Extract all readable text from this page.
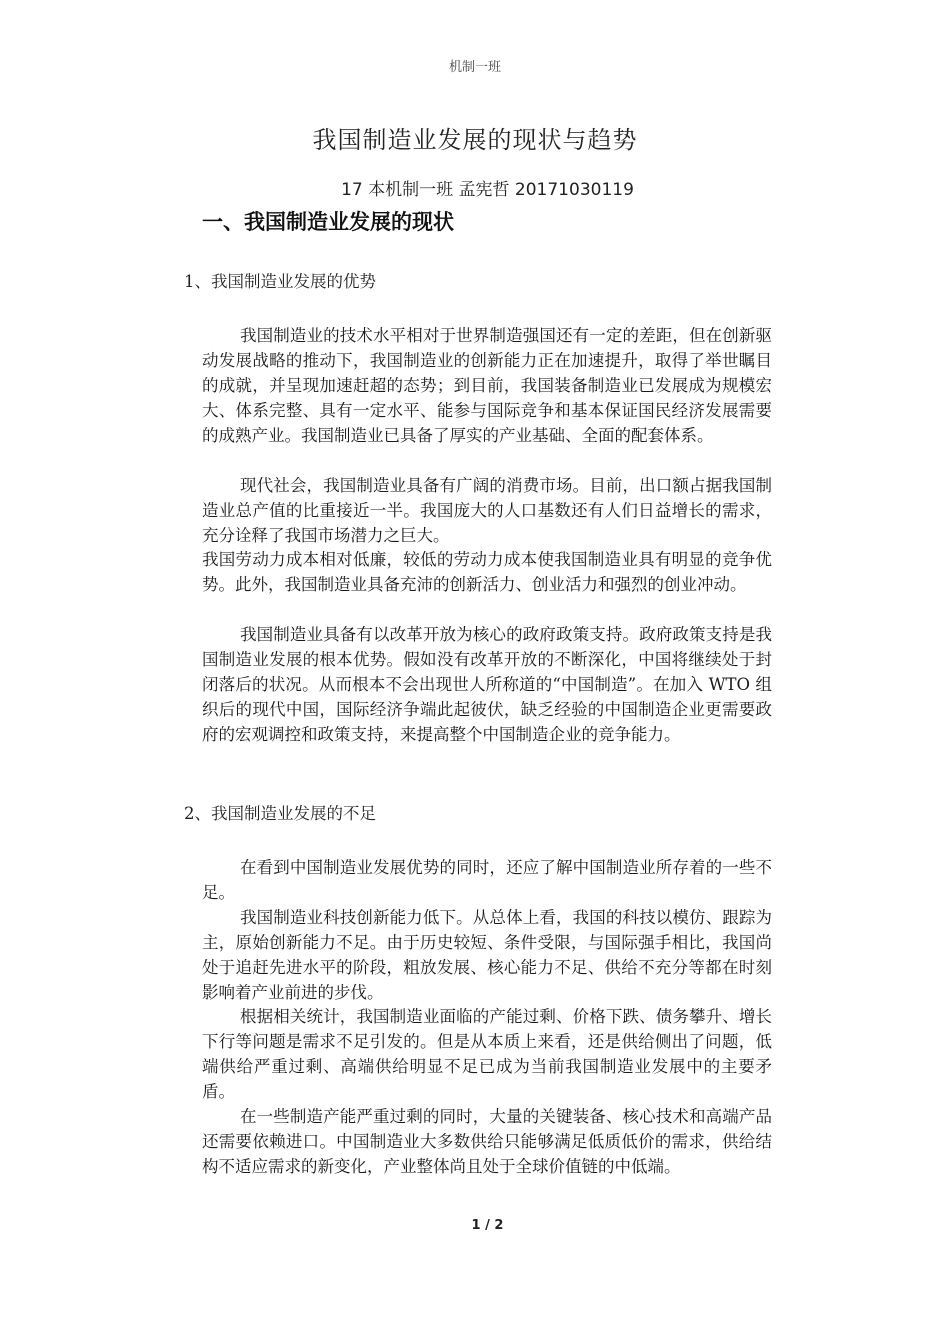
机制一班
我国制造业发展的现状与趋势
17 本机制一班 孟宪哲 20171030119
一、我国制造业发展的现状
1、我国制造业发展的优势

我国制造业的技术水平相对于世界制造强国还有一定的差距，但在创新驱动发展战略的推动下，我国制造业的创新能力正在加速提升，取得了举世瞩目的成就，并呈现加速赶超的态势；到目前，我国装备制造业已发展成为规模宏大、体系完整、具有一定水平、能参与国际竞争和基本保证国民经济发展需要的成熟产业。我国制造业已具备了厚实的产业基础、全面的配套体系。

现代社会，我国制造业具备有广阔的消费市场。目前，出口额占据我国制造业总产值的比重接近一半。我国庞大的人口基数还有人们日益增长的需求，充分诠释了我国市场潜力之巨大。

我国劳动力成本相对低廉，较低的劳动力成本使我国制造业具有明显的竞争优势。此外，我国制造业具备充沛的创新活力、创业活力和强烈的创业冲动。

我国制造业具备有以改革开放为核心的政府政策支持。政府政策支持是我国制造业发展的根本优势。假如没有改革开放的不断深化，中国将继续处于封闭落后的状况。从而根本不会出现世人所称道的“中国制造”。在加入 WTO 组织后的现代中国，国际经济争端此起彼伏，缺乏经验的中国制造企业更需要政府的宏观调控和政策支持，来提高整个中国制造企业的竞争能力。

2、我国制造业发展的不足

在看到中国制造业发展优势的同时，还应了解中国制造业所存着的一些不足。

我国制造业科技创新能力低下。从总体上看，我国的科技以模仿、跟踪为主，原始创新能力不足。由于历史较短、条件受限，与国际强手相比，我国尚处于追赶先进水平的阶段，粗放发展、核心能力不足、供给不充分等都在时刻影响着产业前进的步伐。

根据相关统计，我国制造业面临的产能过剩、价格下跌、债务攀升、增长下行等问题是需求不足引发的。但是从本质上来看，还是供给侧出了问题，低端供给严重过剩、高端供给明显不足已成为当前我国制造业发展中的主要矛盾。

在一些制造产能严重过剩的同时，大量的关键装备、核心技术和高端产品还需要依赖进口。中国制造业大多数供给只能够满足低质低价的需求，供给结构不适应需求的新变化，产业整体尚且处于全球价值链的中低端。

1 / 2
